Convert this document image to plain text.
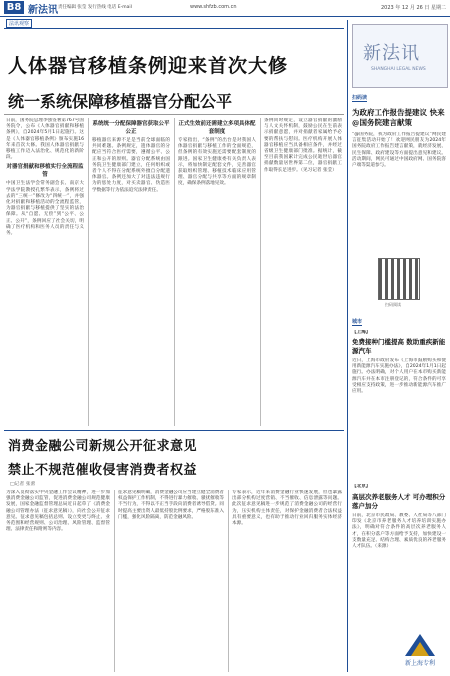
B8 新法讯 责任编辑 张莹 发行热线 电话 E-mail	www.shfzb.com.cn	2023 年 12 月 26 日 星期二
法讯观察
人体器官移植条例迎来首次大修
统一系统保障移植器官分配公平
日前，国务院总理李强签署第767号国务院令，公布《人体器官捐献和移植条例》，自2024年5月1日起施行。这是《人体器官移植条例》颁布实施16年来首次大修。我国人体器官捐献与移植工作迈入法治化、规范化的新阶段。
对器官捐献和移植实行全流程监管
中国卫生法学会常务副会长、南京大学法学院教授孔繁华表示，条例将过去的“三统一”修改为“四统一”，并强化对捐献和移植活动的全流程监管，为器官捐献与移植提供了坚实的法治保障。从“自愿、无偿”到“公平、公正、公开”，条例回应了社会关切，明确了医疗机构和医务人员的责任与义务。
系统统一分配保障器官获取公平公正
移植器官来源不足是当前全球面临的共同难题。条例规定，遗体器官的分配应当符合医疗需要，遵循公平、公正和公开的原则。器官分配系统由国务院卫生健康部门建立，任何组织或者个人不得在分配系统外擅自分配遗体器官。条例还加大了对违法违规行为的惩处力度，对买卖器官、伪造医学数据等行为依法追究法律责任。
正式生效前还需建立多项具体配套制度
专家指出，“条例”的出台是对我国人体器官捐献与移植工作的全面规范，但条例的有效实施还需要配套制度的跟进。国家卫生健康委有关负责人表示，将加快制定配套文件，完善器官获取组织管理、移植技术临床应用管理、器官分配与共享等方面的规章制度，确保条例落地见效。
条例同时规定，设立器官捐献的激励与人文关怀机制，鼓励公民在生前表示捐献意愿，并对捐献者家属给予必要的帮扶与慰问。医疗机构开展人体器官移植应当具备相应条件，并经过省级卫生健康部门批准。据统计，截至目前我国累计完成公民逝世后器官捐献数量居世界第二位，器官捐献工作取得长足进步。（见习记者 张莹）
消费金融公司新规公开征求意见
禁止不规范催收侵害消费者权益
□记者 张蕾
为深入贯彻落实中央金融工作会议精神，进一步加强消费金融公司监管，促进消费金融公司规范健康发展，国家金融监督管理总局近日起草了《消费金融公司管理办法（征求意见稿）》，向社会公开征求意见。征求意见稿包括总则、设立变更与终止、业务范围和经营规则、公司治理、风险管理、监督管理、法律责任和附则等内容。
征求意见稿明确，消费金融公司应当建立健全消费者权益保护工作机制，不得进行暴力催收、骚扰催收等不当行为，不得以不正当手段向消费者诱导借贷。同时提高主要出资人最低持股比例要求，严格股东准入门槛，强化风险隔离，防范金融风险。
专家表示，近年来消费金融行业快速发展，但也暴露出部分机构过度营销、不当催收、信息泄露等问题。此次征求意见稿进一步规范了消费金融公司的经营行为，压实机构主体责任，对保护金融消费者合法权益具有重要意义，也有助于推动行业回归服务实体经济本源。
新法讯
SHANGHAI LEGAL NEWS
扫码读
为政府工作报告提建议 快来@国务院建言献策
“@国务院，我为政府工作报告提建议”网民建言征集活动开始了！欢迎网民朋友为2024年国务院政府工作报告建言献策，就经济发展、民生保障、政府建设等方面提出意见和建议。活动期间，网民可通过中国政府网、国务院客户端等渠道参与。
扫码阅读
城市
【上海】
免费接种门槛提高 数助重疾新能源汽车
近日，上海市政府发布《上海市鼓励购买和使用新能源汽车实施办法》，自2024年1月1日起施行。办法明确，对个人用户在本市购买新能源汽车并在本市注册登记的，符合条件的可享受相应支持政策，进一步推动新能源汽车推广应用。
【北京】
高层次养老服务人才 可办理积分落户加分
日前，北京市民政局、教委、人社局等八部门印发《北京市养老服务人才培养培训实施办法》，明确对符合条件的高层次养老服务人才，在积分落户等方面给予支持，加快建设一支数量充足、结构合理、素质优良的养老服务人才队伍。（来源）
新上海专利
